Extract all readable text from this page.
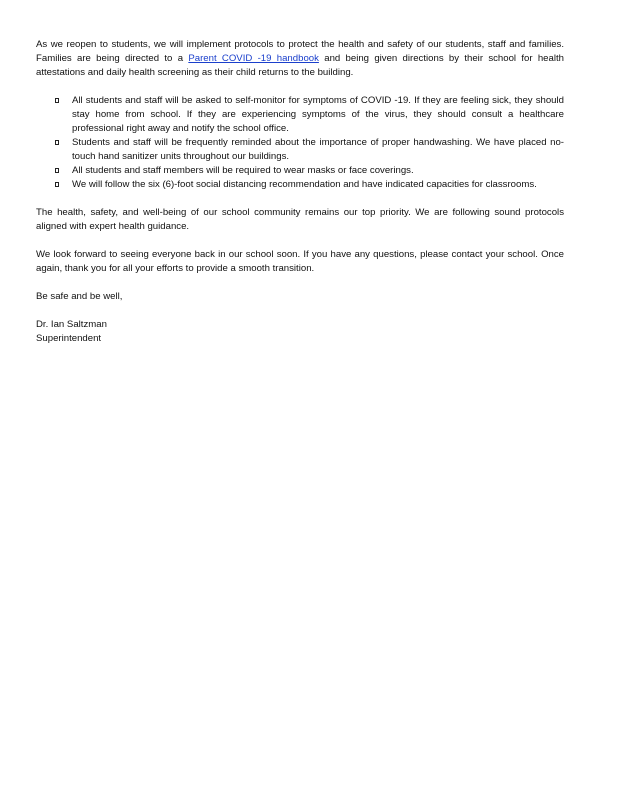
As we reopen to students, we will implement protocols to protect the health and safety of our students, staff and families. Families are being directed to a Parent COVID -19 handbook and being given directions by their school for health attestations and daily health screening as their child returns to the building.

All students and staff will be asked to self-monitor for symptoms of COVID -19. If they are feeling sick, they should stay home from school. If they are experiencing symptoms of the virus, they should consult a healthcare professional right away and notify the school office.
Students and staff will be frequently reminded about the importance of proper handwashing. We have placed no-touch hand sanitizer units throughout our buildings.
All students and staff members will be required to wear masks or face coverings.
We will follow the six (6)-foot social distancing recommendation and have indicated capacities for classrooms.

The health, safety, and well-being of our school community remains our top priority. We are following sound protocols aligned with expert health guidance.

We look forward to seeing everyone back in our school soon. If you have any questions, please contact your school. Once again, thank you for all your efforts to provide a smooth transition.

Be safe and be well,

Dr. Ian Saltzman

Superintendent
